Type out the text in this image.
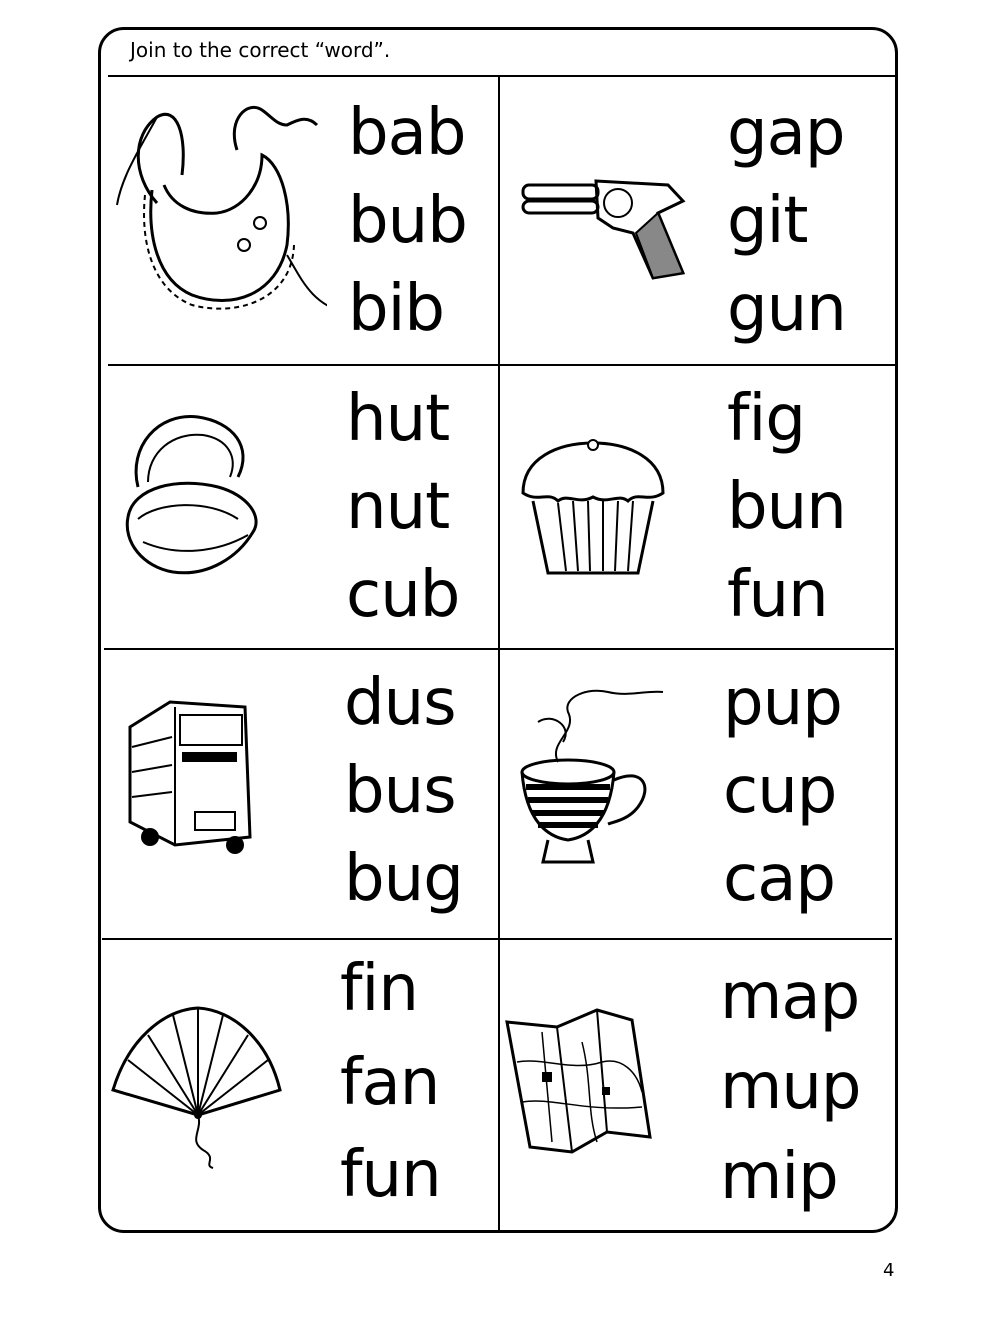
Join to the correct “word”.
bab
bub
bib
gap
git
gun
hut
nut
cub
fig
bun
fun
dus
bus
bug
pup
cup
cap
fin
fan
fun
map
mup
mip
4
